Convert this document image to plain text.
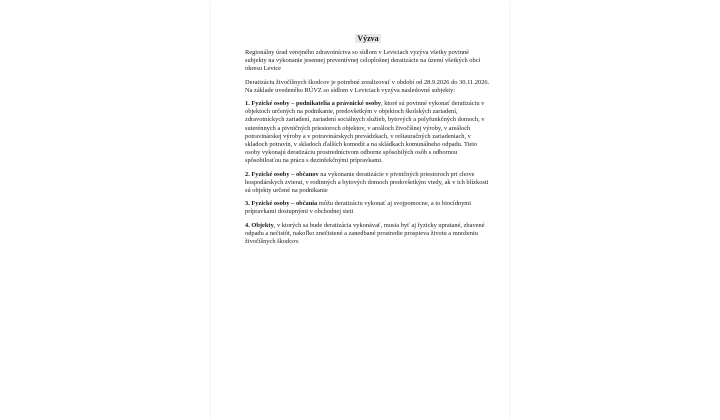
Výzva

Regionálny úrad verejného zdravotníctva so sídlom v Leviciach vyzýva všetky povinné subjekty na vykonanie jesennej preventívnej celoplošnej deratizácie na území všetkých obcí okresu Levice

Deratizáciu živočíšnych škodcov je potrebné zrealizovať v období od 28.9.2026 do 30.11.2026. Na základe uvedeného RÚVZ so sídlom v Leviciach vyzýva nasledovné subjekty:

1. Fyzické osoby – podnikatelia a právnické osoby, ktoré sú povinné vykonať deratizáciu v objektoch určených na podnikanie, predovšetkým v objektoch školských zariadení, zdravotníckych zariadení, zariadení sociálnych služieb, bytových a polyfunkčných domoch, v suterénnych a pivničných priestoroch objektov, v areáloch živočíšnej výroby, v areáloch potravinárskej výroby a v potravinárskych prevádzkach, v reštauračných zariadeniach, v skladoch potravín, v skladoch ďalších komodít a na skládkach komunálneho odpadu. Tieto osoby vykonajú deratizáciu prostredníctvom odborne spôsobilých osôb s odbornou spôsobilosťou na prácu s dezinfekčnými prípravkami.

2. Fyzické osoby – občanov na vykonanie deratizácie v pivničných priestoroch pri chove hospodárskych zvierat, v rodinných a bytových domoch predovšetkým vtedy, ak v ich blízkosti sú objekty určené na podnikanie

3. Fyzické osoby – občania môžu deratizáciu vykonať aj svojpomocne, a to biocídnymi prípravkami dostupnými v obchodnej sieti

4. Objekty, v ktorých sa bude deratizácia vykonávať, musia byť aj fyzicky upratané, zbavené odpadu a nečistôt, nakoľko znečistené a zanedbané prostredie prospieva životu a množeniu živočíšnych škodcov.
